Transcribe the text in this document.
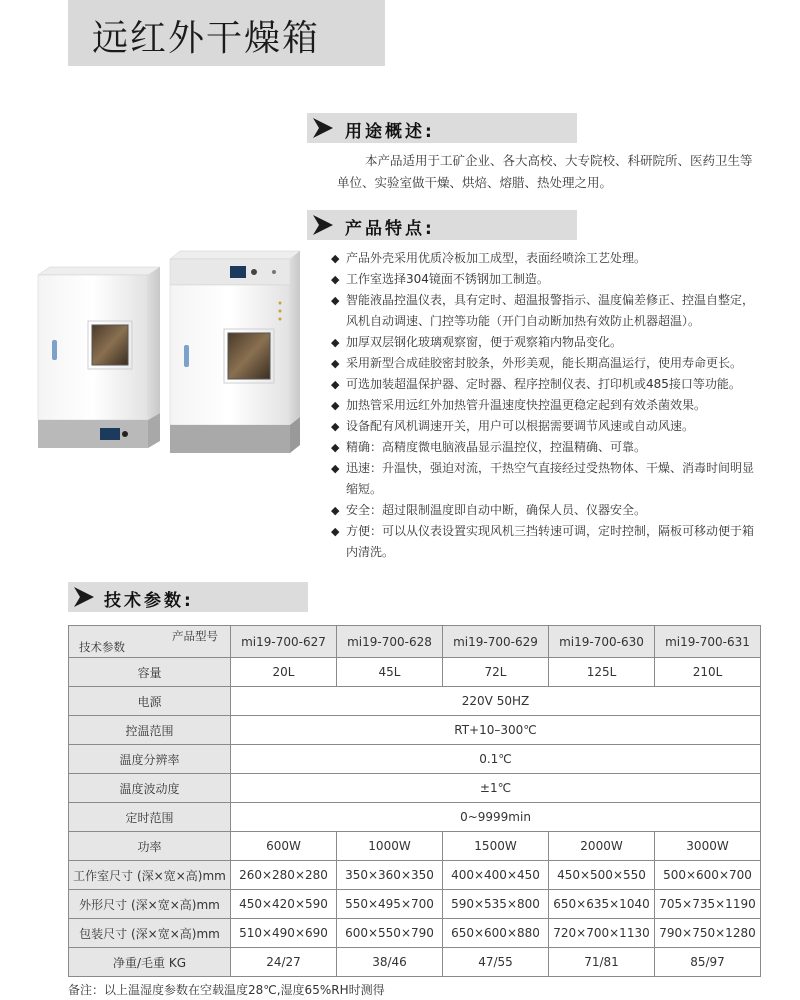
远红外干燥箱
用途概述:

本产品适用于工矿企业、各大高校、大专院校、科研院所、医药卫生等单位、实验室做干燥、烘焙、熔腊、热处理之用。

产品特点:
◆ 产品外壳采用优质冷板加工成型，表面经喷涂工艺处理。
◆ 工作室选择304镜面不锈钢加工制造。
◆ 智能液晶控温仪表，具有定时、超温报警指示、温度偏差修正、控温自整定，风机自动调速、门控等功能（开门自动断加热有效防止机器超温）。
◆ 加厚双层钢化玻璃观察窗，便于观察箱内物品变化。
◆ 采用新型合成硅胶密封胶条，外形美观，能长期高温运行，使用寿命更长。
◆ 可选加装超温保护器、定时器、程序控制仪表、打印机或485接口等功能。
◆ 加热管采用远红外加热管升温速度快控温更稳定起到有效杀菌效果。
◆ 设备配有风机调速开关，用户可以根据需要调节风速或自动风速。
◆ 精确：高精度微电脑液晶显示温控仪，控温精确、可靠。
◆ 迅速：升温快，强迫对流，干热空气直接经过受热物体、干燥、消毒时间明显缩短。
◆ 安全：超过限制温度即自动中断，确保人员、仪器安全。
◆ 方便：可以从仪表设置实现风机三挡转速可调，定时控制，隔板可移动便于箱内清洗。
技术参数:
产品型号
技术参数	mi19-700-627	mi19-700-628	mi19-700-629	mi19-700-630	mi19-700-631
容量	20L	45L	72L	125L	210L
电源	220V 50HZ				
控温范围	RT+10–300℃				
温度分辨率	0.1℃				
温度波动度	±1℃				
定时范围	0~9999min				
功率	600W	1000W	1500W	2000W	3000W
工作室尺寸 (深×宽×高)mm	260×280×280	350×360×350	400×400×450	450×500×550	500×600×700
外形尺寸 (深×宽×高)mm	450×420×590	550×495×700	590×535×800	650×635×1040	705×735×1190
包装尺寸 (深×宽×高)mm	510×490×690	600×550×790	650×600×880	720×700×1130	790×750×1280
净重/毛重 KG	24/27	38/46	47/55	71/81	85/97
备注：以上温湿度参数在空载温度28℃,湿度65%RH时测得
